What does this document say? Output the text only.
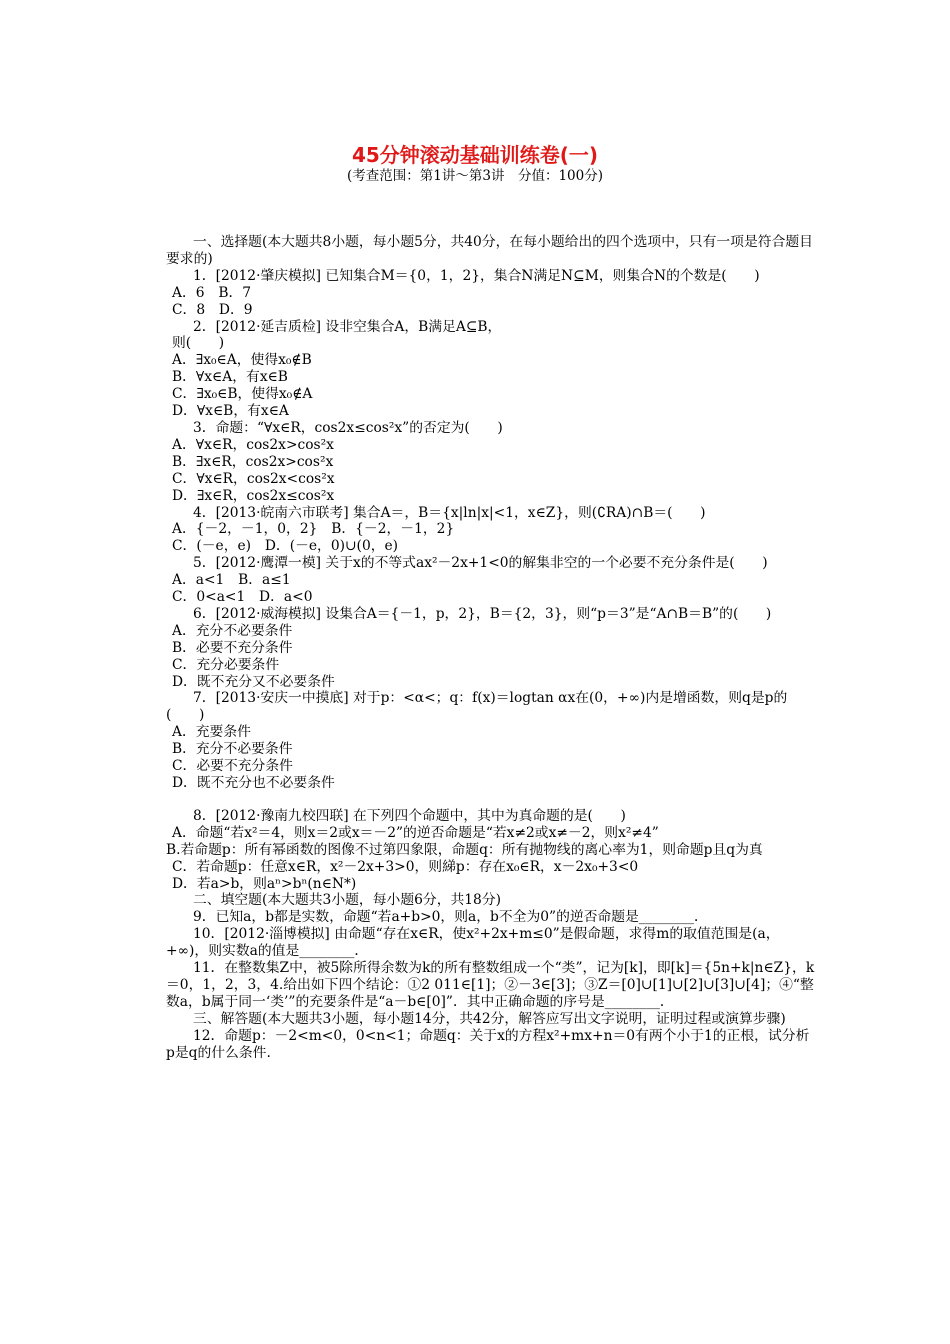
45分钟滚动基础训练卷(一)
(考查范围：第1讲～第3讲　分值：100分)

一、选择题(本大题共8小题，每小题5分，共40分，在每小题给出的四个选项中，只有一项是符合题目要求的)

1．[2012·肇庆模拟] 已知集合M＝{0，1，2}，集合N满足N⊆M，则集合N的个数是(　　)

A．6　B．7

C．8　D．9

2．[2012·延吉质检] 设非空集合A，B满足A⊆B，

则(　　)

A．∃x₀∈A，使得x₀∉B

B．∀x∈A，有x∈B

C．∃x₀∈B，使得x₀∉A

D．∀x∈B，有x∈A

3．命题：“∀x∈R，cos2x≤cos²x”的否定为(　　)

A．∀x∈R，cos2x>cos²x

B．∃x∈R，cos2x>cos²x

C．∀x∈R，cos2x<cos²x

D．∃x∈R，cos2x≤cos²x

4．[2013·皖南六市联考] 集合A＝，B＝{x|ln|x|<1，x∈Z}，则(∁RA)∩B＝(　　)

A．{－2，－1，0，2}　B．{－2，－1，2}

C．(－e，e)　D．(－e，0)∪(0，e)

5．[2012·鹰潭一模] 关于x的不等式ax²－2x+1<0的解集非空的一个必要不充分条件是(　　)

A．a<1　B．a≤1

C．0<a<1　D．a<0

6．[2012·威海模拟] 设集合A＝{－1，p，2}，B＝{2，3}，则“p＝3”是“A∩B＝B”的(　　)

A．充分不必要条件

B．必要不充分条件

C．充分必要条件

D．既不充分又不必要条件

7．[2013·安庆一中摸底] 对于p：<α<；q：f(x)＝logtan αx在(0，+∞)内是增函数，则q是p的(　　)

A．充要条件

B．充分不必要条件

C．必要不充分条件

D．既不充分也不必要条件

8．[2012·豫南九校四联] 在下列四个命题中，其中为真命题的是(　　)

A．命题“若x²＝4，则x＝2或x＝－2”的逆否命题是“若x≠2或x≠－2，则x²≠4”

B.若命题p：所有幂函数的图像不过第四象限，命题q：所有抛物线的离心率为1，则命题p且q为真

C．若命题p：任意x∈R，x²－2x+3>0，则綈p：存在x₀∈R，x－2x₀+3<0

D．若a>b，则aⁿ>bⁿ(n∈N*)

二、填空题(本大题共3小题，每小题6分，共18分)

9．已知a，b都是实数，命题“若a+b>0，则a，b不全为0”的逆否命题是________．

10．[2012·淄博模拟] 由命题“存在x∈R，使x²+2x+m≤0”是假命题，求得m的取值范围是(a，+∞)，则实数a的值是________．

11．在整数集Z中，被5除所得余数为k的所有整数组成一个“类”，记为[k]，即[k]＝{5n+k|n∈Z}，k＝0，1，2，3，4.给出如下四个结论：①2 011∈[1]；②－3∈[3]；③Z＝[0]∪[1]∪[2]∪[3]∪[4]；④“整数a，b属于同一‘类’”的充要条件是“a－b∈[0]”．其中正确命题的序号是________．

三、解答题(本大题共3小题，每小题14分，共42分，解答应写出文字说明，证明过程或演算步骤)

12．命题p：－2<m<0，0<n<1；命题q：关于x的方程x²+mx+n＝0有两个小于1的正根，试分析p是q的什么条件.
